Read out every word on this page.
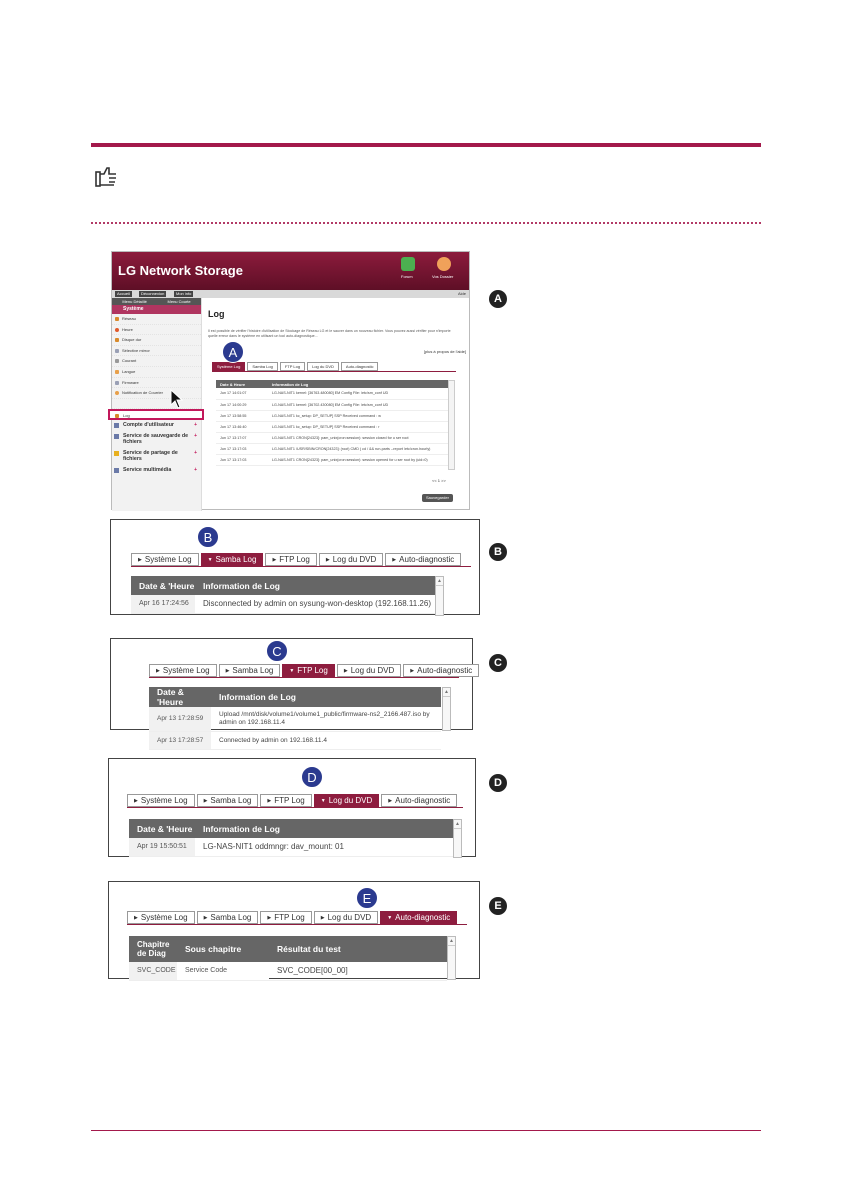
A
B
C
D
E
LG Network Storage	Forum	Vos Dossier
Accueil	Déconnexion	Mon info	Aide
Menu Détaillé	Menu Courte
Système
Réseau
Heure
Disque dur
Sélective mirror
Courant
Langue
Firmware
Notification de Courrier
Log
Compte d'utilisateur	+
Service de sauvegarde de fichiers
+
Service de partage de fichiers
+
Service multimédia	+
Log
Il est possible de vérifier l'histoire d'utilisation de Stockage de Réseau LG et le sauver dans un nouveau fichier. Vous pouvez aussi vérifier pour n'importe quelle erreur dans le système en utilisant un tool auto-diagnostique...
[plus à propos de l'aide]
Système Log	Samba Log	FTP Log	Log du DVD	Auto-diagnostic
Date & Heure	Information de Log
Jun 17 14:01:07	LG-NAS-NIT1 kernel: [36763.480080] EM Config File: /etc/sm_conf UD
Jun 17 14:00:29	LG-NAS-NIT1 kernel: [36702.430080] EM Config File: /etc/sm_conf UD
Jun 17 13:58:55	LG-NAS-NIT1 kc_setup: DP_SETUP] SSP Received command : w
Jun 17 13:46:40	LG-NAS-NIT1 kc_setup: DP_SETUP] SSP Received command : r
Jun 17 13:17:07	LG-NAS-NIT1 CRON[24323]: pam_unix(cron:session): session closed for u ser root
Jun 17 13:17:03	LG-NAS-NIT1 /USR/SBIN/CRON[24323]: (root) CMD ( cd / && run-parts --report /etc/cron.hourly)
Jun 17 13:17:03	LG-NAS-NIT1 CRON[24323]: pam_unix(cron:session): session opened for u ser root by (uid=0)
<< 1 >>
Sauvegarder
A
▶ Système Log	▼ Samba Log	▶ FTP Log	▶ Log du DVD	▶ Auto-diagnostic
Date & 'Heure	Information de Log
Apr 16 17:24:56	Disconnected by admin on sysung-won-desktop (192.168.11.26)
▲
B
▶ Système Log	▶ Samba Log	▼ FTP Log	▶ Log du DVD	▶ Auto-diagnostic
Date & 'Heure	Information de Log
Apr 13 17:28:59	Upload /mnt/disk/volume1/volume1_public/firmware-ns2_2166.487.iso by admin on 192.168.11.4
Apr 13 17:28:57	Connected by admin on 192.168.11.4
▲
C
▶ Système Log	▶ Samba Log	▶ FTP Log	▼ Log du DVD	▶ Auto-diagnostic
Date & 'Heure	Information de Log
Apr 19 15:50:51	LG-NAS-NIT1 oddmngr: dav_mount: 01
▲
D
▶ Système Log	▶ Samba Log	▶ FTP Log	▶ Log du DVD	▼ Auto-diagnostic
Chapitre de Diag	Sous chapitre	Résultat du test
SVC_CODE	Service Code	SVC_CODE[00_00]
▲
E
